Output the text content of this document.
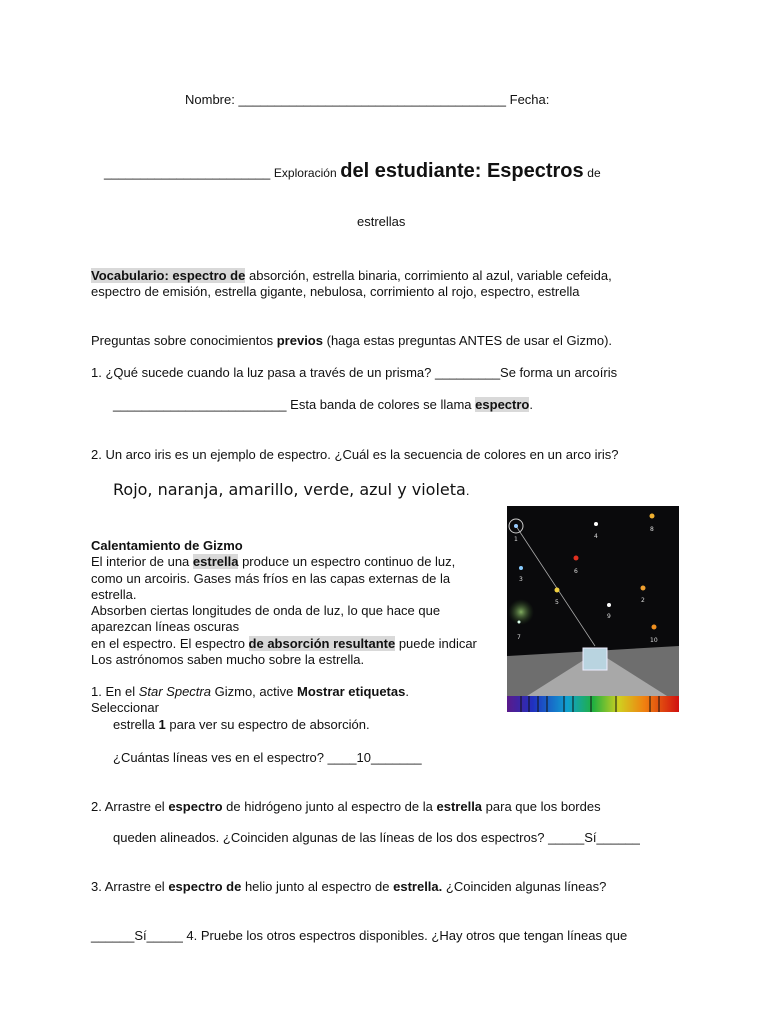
Nombre: _____________________________________ Fecha:
_______________________ Exploración del estudiante: Espectros de
estrellas
Vocabulario: espectro de absorción, estrella binaria, corrimiento al azul, variable cefeida,
espectro de emisión, estrella gigante, nebulosa, corrimiento al rojo, espectro, estrella
Preguntas sobre conocimientos previos (haga estas preguntas ANTES de usar el Gizmo).
1. ¿Qué sucede cuando la luz pasa a través de un prisma? _________Se forma un arcoíris
________________________ Esta banda de colores se llama espectro.
2. Un arco iris es un ejemplo de espectro. ¿Cuál es la secuencia de colores en un arco iris?
Rojo, naranja, amarillo, verde, azul y violeta.
Calentamiento de Gizmo
El interior de una estrella produce un espectro continuo de luz,
como un arcoiris. Gases más fríos en las capas externas de la
estrella.
Absorben ciertas longitudes de onda de luz, lo que hace que
aparezcan líneas oscuras
en el espectro. El espectro de absorción resultante puede indicar
Los astrónomos saben mucho sobre la estrella.
1
2
3
4
5
6
7
8
9
10
1. En el Star Spectra Gizmo, active Mostrar etiquetas.
Seleccionar
estrella 1 para ver su espectro de absorción.
¿Cuántas líneas ves en el espectro? ____10_______
2. Arrastre el espectro de hidrógeno junto al espectro de la estrella para que los bordes
queden alineados. ¿Coinciden algunas de las líneas de los dos espectros? _____Sí______
3. Arrastre el espectro de helio junto al espectro de estrella. ¿Coinciden algunas líneas?
______Sí_____ 4. Pruebe los otros espectros disponibles. ¿Hay otros que tengan líneas que
